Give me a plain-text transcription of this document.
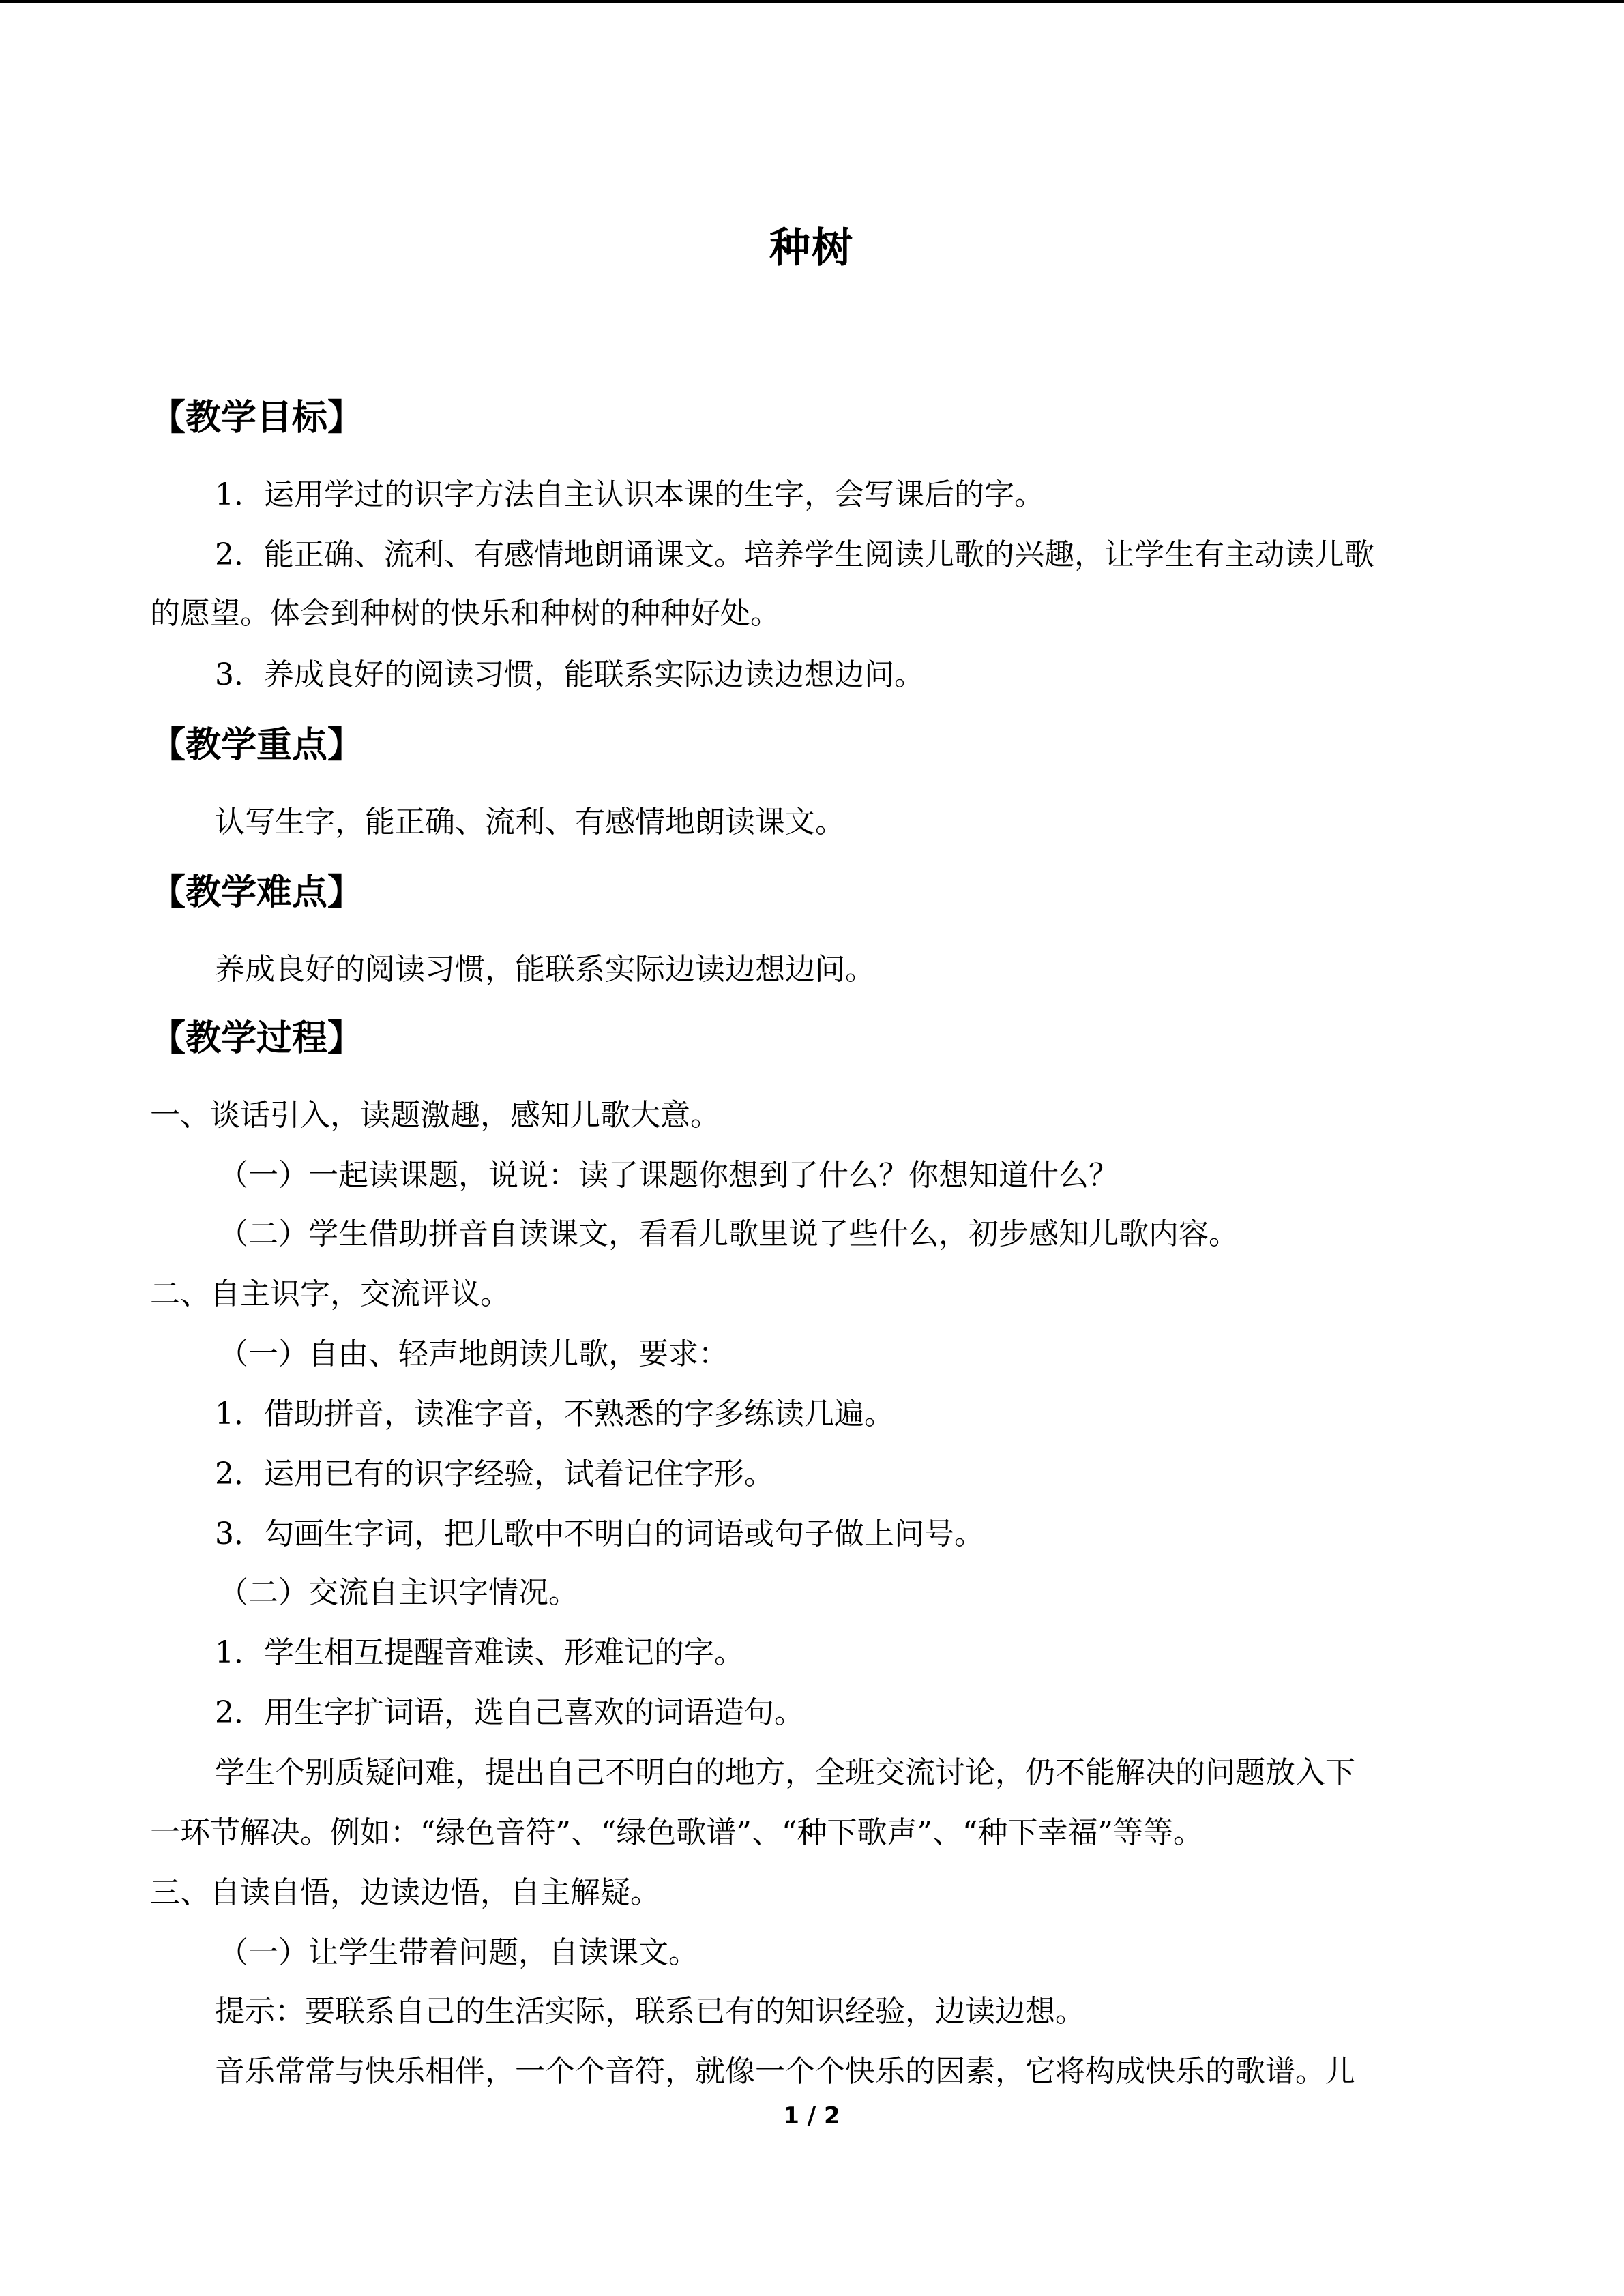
种树
【教学目标】
1．运用学过的识字方法自主认识本课的生字，会写课后的字。
2．能正确、流利、有感情地朗诵课文。培养学生阅读儿歌的兴趣，让学生有主动读儿歌
的愿望。体会到种树的快乐和种树的种种好处。
3．养成良好的阅读习惯，能联系实际边读边想边问。
【教学重点】
认写生字，能正确、流利、有感情地朗读课文。
【教学难点】
养成良好的阅读习惯，能联系实际边读边想边问。
【教学过程】
一、谈话引入，读题激趣，感知儿歌大意。
（一）一起读课题，说说：读了课题你想到了什么？你想知道什么？
（二）学生借助拼音自读课文，看看儿歌里说了些什么，初步感知儿歌内容。
二、自主识字，交流评议。
（一）自由、轻声地朗读儿歌，要求：
1．借助拼音，读准字音，不熟悉的字多练读几遍。
2．运用已有的识字经验，试着记住字形。
3．勾画生字词，把儿歌中不明白的词语或句子做上问号。
（二）交流自主识字情况。
1．学生相互提醒音难读、形难记的字。
2．用生字扩词语，选自己喜欢的词语造句。
学生个别质疑问难，提出自己不明白的地方，全班交流讨论，仍不能解决的问题放入下
一环节解决。例如：“绿色音符”、“绿色歌谱”、“种下歌声”、“种下幸福”等等。
三、自读自悟，边读边悟，自主解疑。
（一）让学生带着问题，自读课文。
提示：要联系自己的生活实际，联系已有的知识经验，边读边想。
音乐常常与快乐相伴，一个个音符，就像一个个快乐的因素，它将构成快乐的歌谱。儿
1 / 2
